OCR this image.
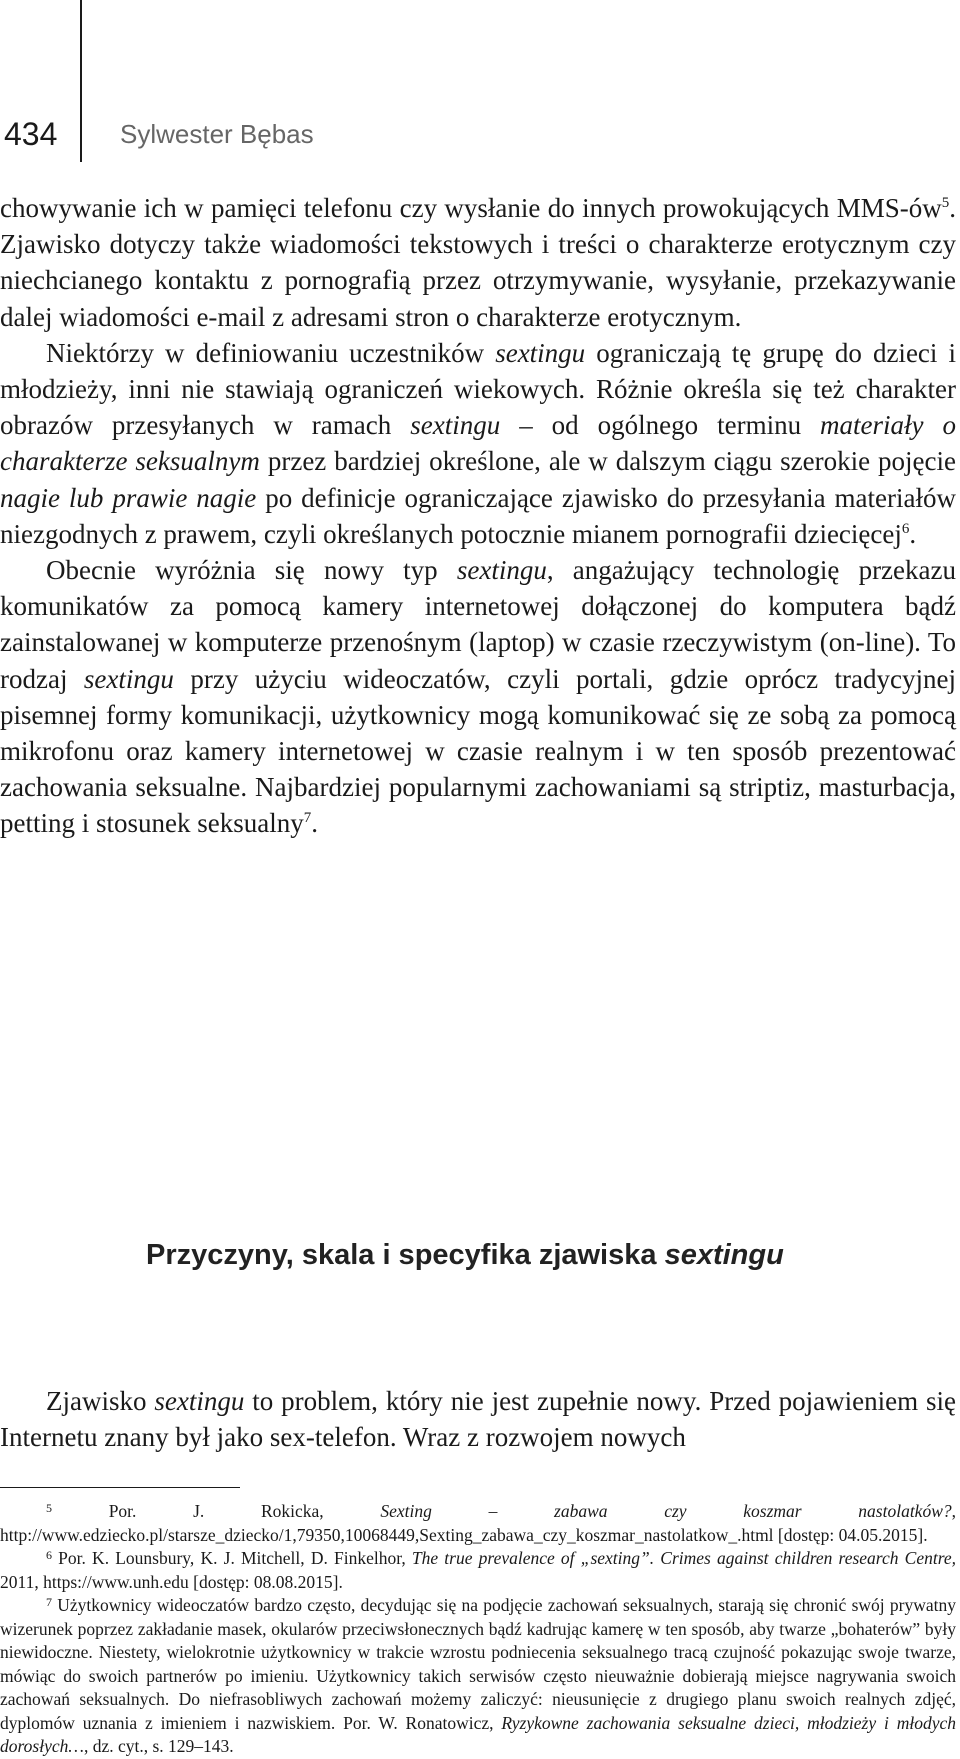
434 Sylwester Bębas

chowywanie ich w pamięci telefonu czy wysłanie do innych prowokujących MMS-$ów^5$. Zjawisko dotyczy także wiadomości tekstowych i treści o charakterze erotycznym czy niechcianego kontaktu z pornografią przez otrzymywanie, wysyłanie, przekazywanie dalej wiadomości e-mail z adresami stron o charakterze erotycznym.

Niektórzy w definiowaniu uczestników sextingu ograniczają tę grupę do dzieci i młodzieży, inni nie stawiają ograniczeń wiekowych. Różnie określa się też charakter obrazów przesyłanych w ramach sextingu – od ogólnego terminu materiały o charakterze seksualnym przez bardziej określone, ale w dalszym ciągu szerokie pojęcie nagie lub prawie nagie po definicje ograniczające zjawisko do przesyłania materiałów niezgodnych z prawem, czyli określanych potocznie mianem pornografii dziecięcej$^6$.

Obecnie wyróżnia się nowy typ sextingu, angażujący technologię przekazu komunikatów za pomocą kamery internetowej dołączonej do komputera bądź zainstalowanej w komputerze przenośnym (laptop) w czasie rzeczywistym (on-line). To rodzaj sextingu przy użyciu wideoczatów, czyli portali, gdzie oprócz tradycyjnej pisemnej formy komunikacji, użytkownicy mogą komunikować się ze sobą za pomocą mikrofonu oraz kamery internetowej w czasie realnym i w ten sposób prezentować zachowania seksualne. Najbardziej popularnymi zachowaniami są striptiz, masturbacja, petting i stosunek seksualny$^7$.

Przyczyny, skala i specyfika zjawiska sextingu

Zjawisko sextingu to problem, który nie jest zupełnie nowy. Przed pojawieniem się Internetu znany był jako sex-telefon. Wraz z rozwojem nowych

$^5$ Por. J. Rokicka, Sexting – zabawa czy koszmar nastolatków?, http://www.edziecko.pl/starsze_dziecko/1,79350,10068449,Sexting_zabawa_czy_koszmar_nastolatkow_.html [dostęp: 04.05.2015].

$^6$ Por. K. Lounsbury, K. J. Mitchell, D. Finkelhor, The true prevalence of „sexting”. Crimes against children research Centre, 2011, https://www.unh.edu [dostęp: 08.08.2015].

$^7$ Użytkownicy wideoczatów bardzo często, decydując się na podjęcie zachowań seksualnych, starają się chronić swój prywatny wizerunek poprzez zakładanie masek, okularów przeciwsłonecznych bądź kadrując kamerę w ten sposób, aby twarze „bohaterów” były niewidoczne. Niestety, wielokrotnie użytkownicy w trakcie wzrostu podniecenia seksualnego tracą czujność pokazując swoje twarze, mówiąc do swoich partnerów po imieniu. Użytkownicy takich serwisów często nieuważnie dobierają miejsce nagrywania swoich zachowań seksualnych. Do niefrasobliwych zachowań możemy zaliczyć: nieusunięcie z drugiego planu swoich realnych zdjęć, dyplomów uznania z imieniem i nazwiskiem. Por. W. Ronatowicz, Ryzykowne zachowania seksualne dzieci, młodzieży i młodych dorosłych…, dz. cyt., s. 129–143.
